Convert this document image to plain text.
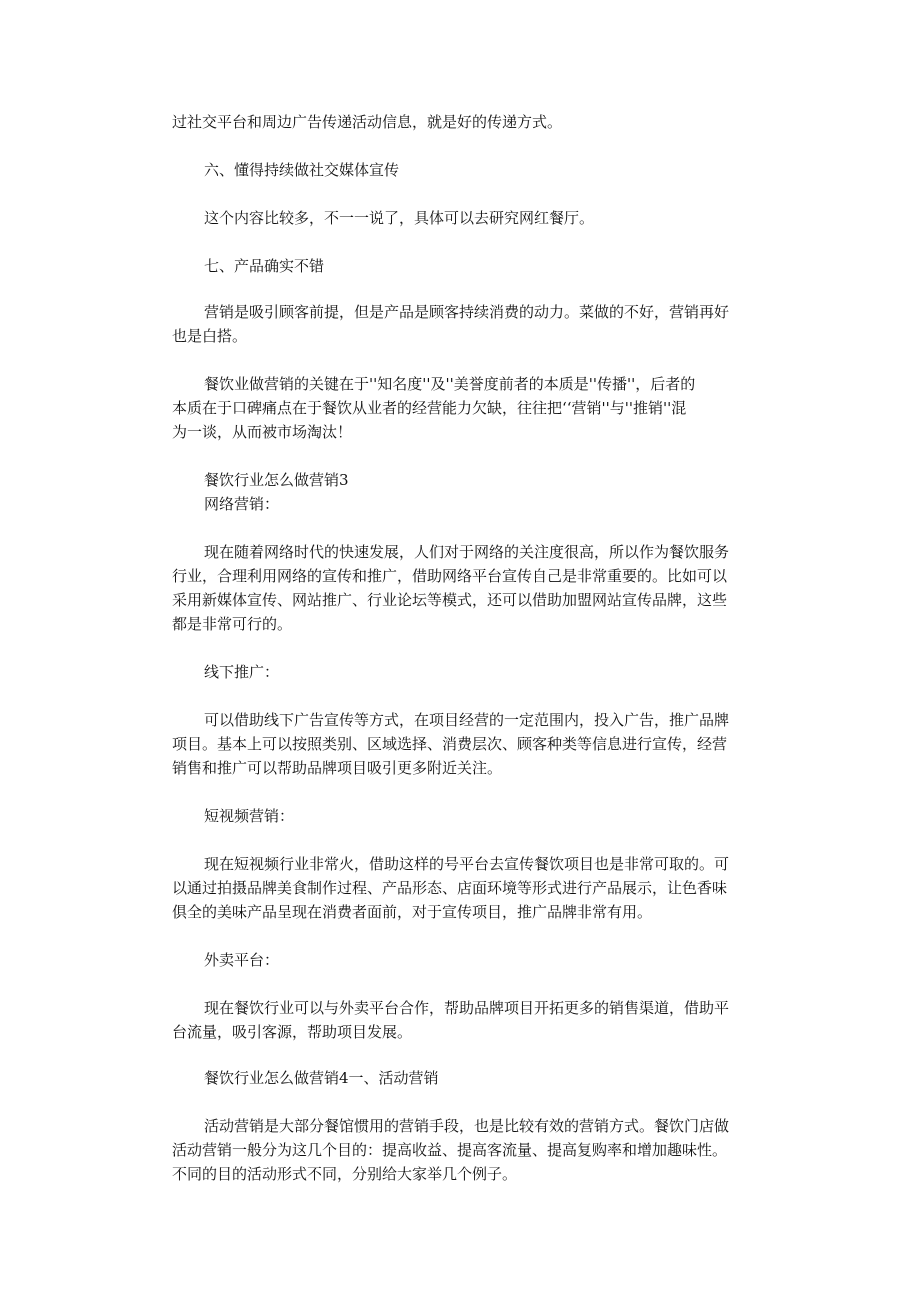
过社交平台和周边广告传递活动信息，就是好的传递方式。
六、懂得持续做社交媒体宣传
这个内容比较多，不一一说了，具体可以去研究网红餐厅。
七、产品确实不错
营销是吸引顾客前提，但是产品是顾客持续消费的动力。菜做的不好，营销再好
也是白搭。
餐饮业做营销的关键在于''知名度''及''美誉度前者的本质是''传播''，后者的
本质在于口碑痛点在于餐饮从业者的经营能力欠缺，往往把‘‘营销''与''推销''混
为一谈，从而被市场淘汰！
餐饮行业怎么做营销3
网络营销：
现在随着网络时代的快速发展，人们对于网络的关注度很高，所以作为餐饮服务
行业，合理利用网络的宣传和推广，借助网络平台宣传自己是非常重要的。比如可以
采用新媒体宣传、网站推广、行业论坛等模式，还可以借助加盟网站宣传品牌，这些
都是非常可行的。
线下推广：
可以借助线下广告宣传等方式，在项目经营的一定范围内，投入广告，推广品牌
项目。基本上可以按照类别、区域选择、消费层次、顾客种类等信息进行宣传，经营
销售和推广可以帮助品牌项目吸引更多附近关注。
短视频营销：
现在短视频行业非常火，借助这样的号平台去宣传餐饮项目也是非常可取的。可
以通过拍摄品牌美食制作过程、产品形态、店面环境等形式进行产品展示，让色香味
俱全的美味产品呈现在消费者面前，对于宣传项目，推广品牌非常有用。
外卖平台：
现在餐饮行业可以与外卖平台合作，帮助品牌项目开拓更多的销售渠道，借助平
台流量，吸引客源，帮助项目发展。
餐饮行业怎么做营销4一、活动营销
活动营销是大部分餐馆惯用的营销手段，也是比较有效的营销方式。餐饮门店做
活动营销一般分为这几个目的：提高收益、提高客流量、提高复购率和增加趣味性。
不同的目的活动形式不同，分别给大家举几个例子。
